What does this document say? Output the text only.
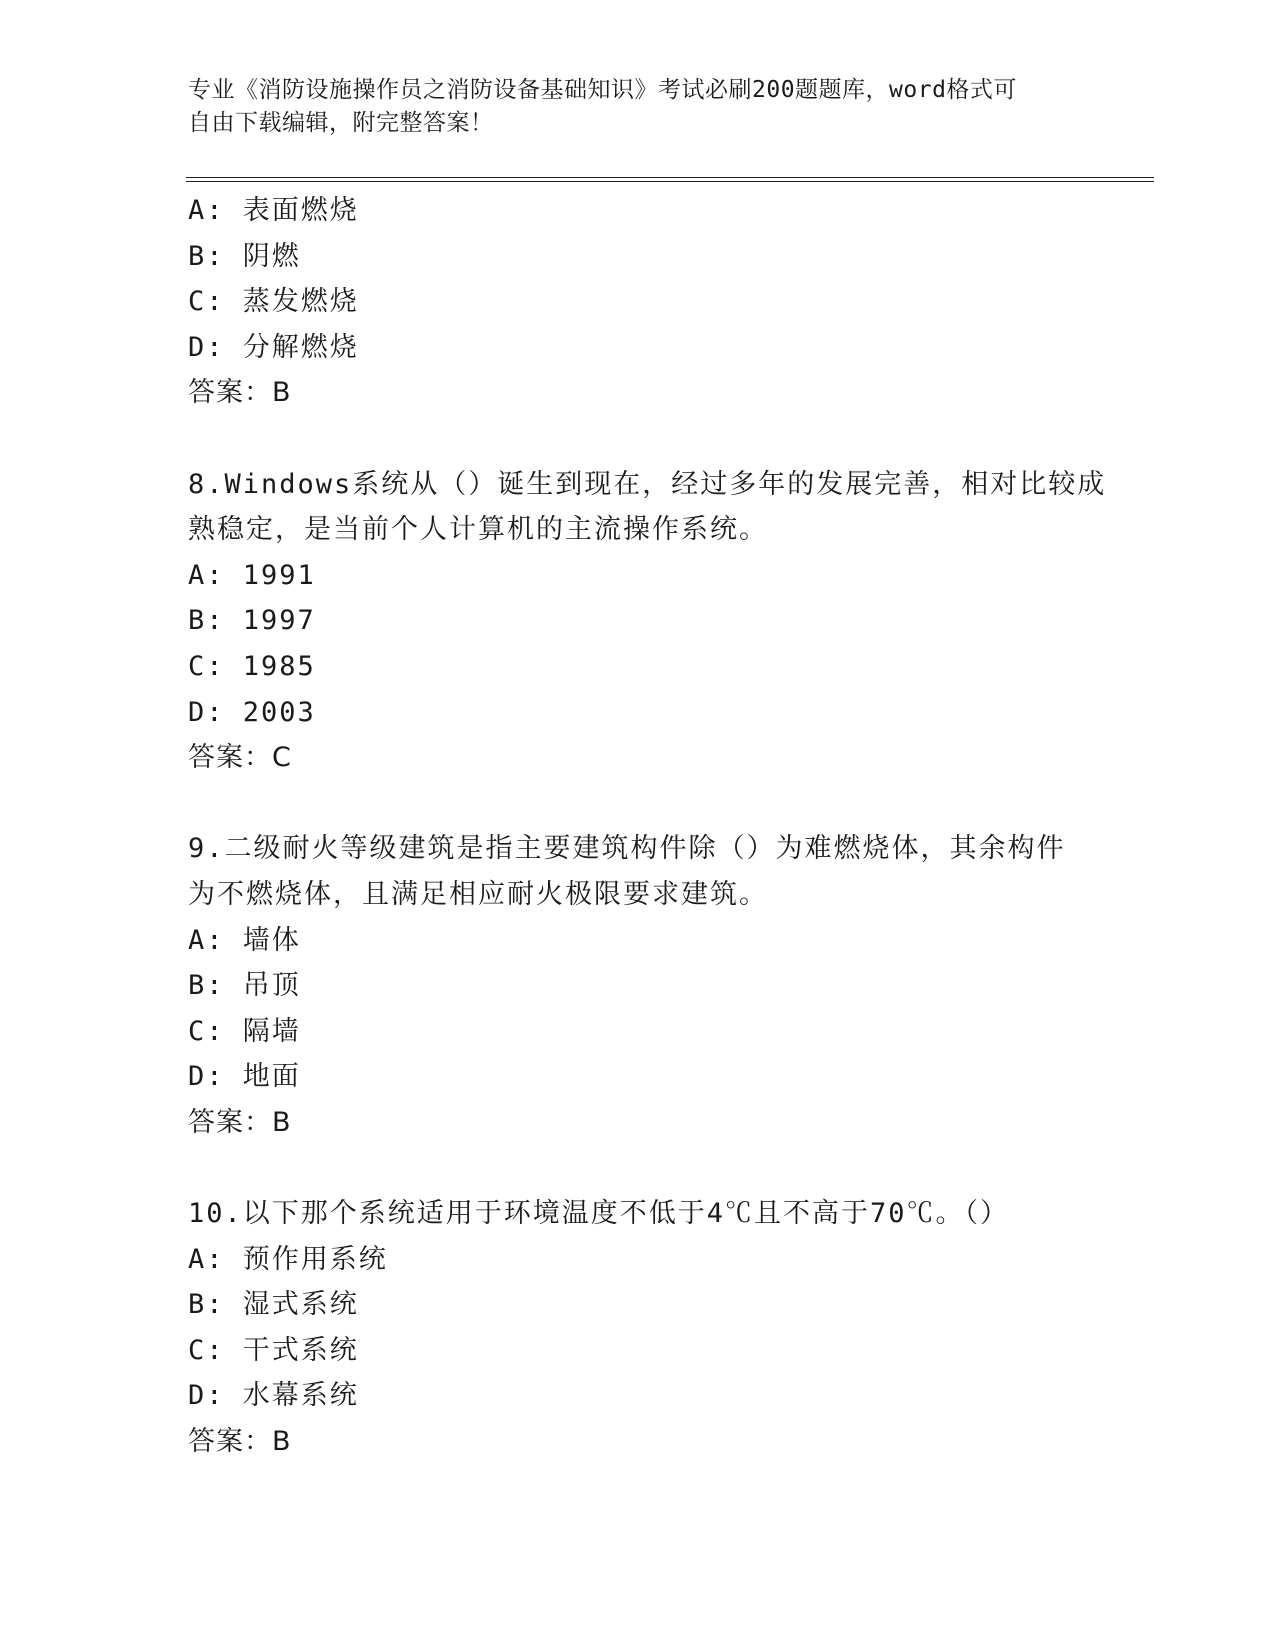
专业《消防设施操作员之消防设备基础知识》考试必刷200题题库，word格式可
自由下载编辑，附完整答案！
A: 表面燃烧
B: 阴燃
C: 蒸发燃烧
D: 分解燃烧
答案：B
8.Windows系统从（）诞生到现在，经过多年的发展完善，相对比较成
熟稳定，是当前个人计算机的主流操作系统。
A: 1991
B: 1997
C: 1985
D: 2003
答案：C
9.二级耐火等级建筑是指主要建筑构件除（）为难燃烧体，其余构件
为不燃烧体，且满足相应耐火极限要求建筑。
A: 墙体
B: 吊顶
C: 隔墙
D: 地面
答案：B
10.以下那个系统适用于环境温度不低于4℃且不高于70℃。（）
A: 预作用系统
B: 湿式系统
C: 干式系统
D: 水幕系统
答案：B
